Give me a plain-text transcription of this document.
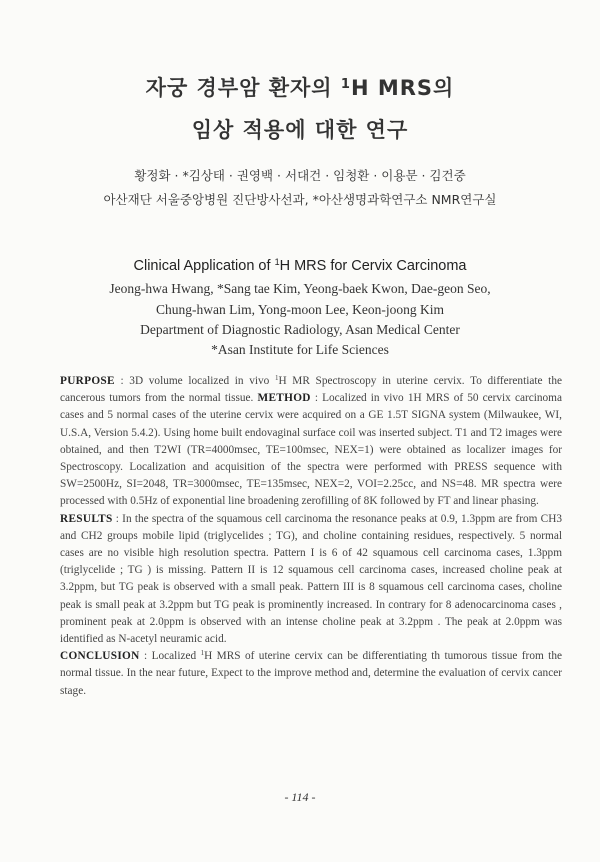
자궁 경부암 환자의 $^1$H MRS의
임상 적용에 대한 연구
황정화 · *김상태 · 권영백 · 서대건 · 임청환 · 이용문 · 김건중
아산재단 서울중앙병원 진단방사선과, *아산생명과학연구소 NMR연구실
Clinical Application of $^1$H MRS for Cervix Carcinoma
Jeong-hwa Hwang, *Sang tae Kim, Yeong-baek Kwon, Dae-geon Seo,
Chung-hwan Lim, Yong-moon Lee, Keon-joong Kim
Department of Diagnostic Radiology, Asan Medical Center
*Asan Institute for Life Sciences

PURPOSE : 3D volume localized in vivo $^1$H MR Spectroscopy in uterine cervix. To differentiate the cancerous tumors from the normal tissue. METHOD : Localized in vivo 1H MRS of 50 cervix carcinoma cases and 5 normal cases of the uterine cervix were acquired on a GE 1.5T SIGNA system (Milwaukee, WI, U.S.A, Version 5.4.2). Using home built endovaginal surface coil was inserted subject. T1 and T2 images were obtained, and then T2WI (TR=4000msec, TE=100msec, NEX=1) were obtained as localizer images for Spectroscopy. Localization and acquisition of the spectra were performed with PRESS sequence with SW=2500Hz, SI=2048, TR=3000msec, TE=135msec, NEX=2, VOI=2.25cc, and NS=48. MR spectra were processed with 0.5Hz of exponential line broadening zerofilling of 8K followed by FT and linear phasing.

RESULTS : In the spectra of the squamous cell carcinoma the resonance peaks at 0.9, 1.3ppm are from CH3 and CH2 groups mobile lipid (triglycelides ; TG), and choline containing residues, respectively. 5 normal cases are no visible high resolution spectra. Pattern I is 6 of 42 squamous cell carcinoma cases, 1.3ppm (triglycelide ; TG ) is missing. Pattern II is 12 squamous cell carcinoma cases, increased choline peak at 3.2ppm, but TG peak is observed with a small peak. Pattern III is 8 squamous cell carcinoma cases, choline peak is small peak at 3.2ppm but TG peak is prominently increased. In contrary for 8 adenocarcinoma cases , prominent peak at 2.0ppm is observed with an intense choline peak at 3.2ppm . The peak at 2.0ppm was identified as N-acetyl neuramic acid.

CONCLUSION : Localized $^1$H MRS of uterine cervix can be differentiating th tumorous tissue from the normal tissue. In the near future, Expect to the improve method and, determine the evaluation of cervix cancer stage.

- 114 -
